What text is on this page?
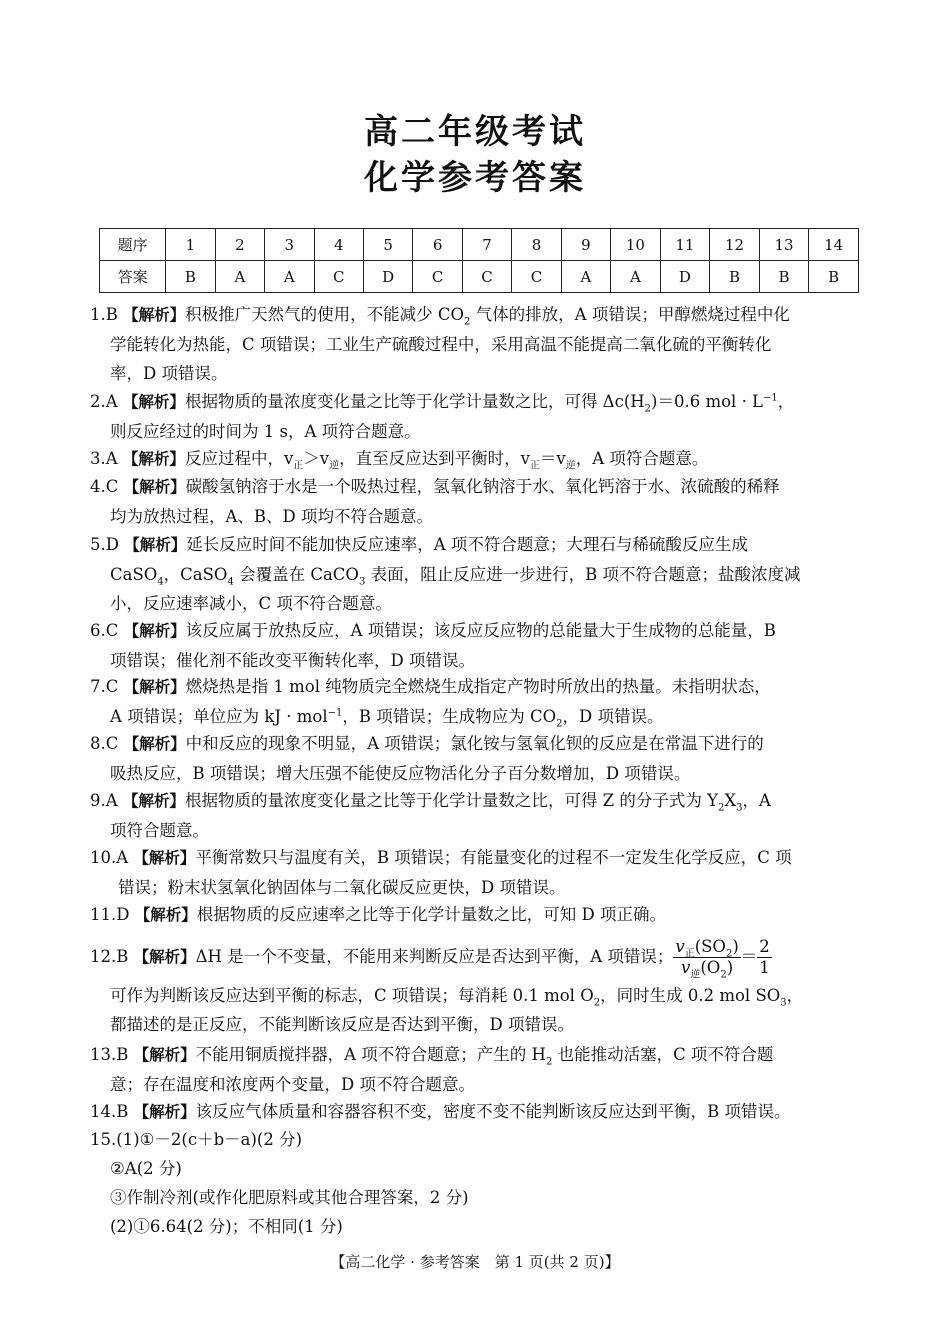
高二年级考试
化学参考答案
题序	1	2	3	4	5	6	7	8	9	10	11	12	13	14
答案	B	A	A	C	D	C	C	C	A	A	D	B	B	B
1.B 【解析】积极推广天然气的使用，不能减少 $CO_2$ 气体的排放，A 项错误；甲醇燃烧过程中化
学能转化为热能，C 项错误；工业生产硫酸过程中，采用高温不能提高二氧化硫的平衡转化
率，D 项错误。
2.A 【解析】根据物质的量浓度变化量之比等于化学计量数之比，可得 $\Delta c(H_2)=0.6$ mol · $L^{-1}$，
则反应经过的时间为 1 s，A 项符合题意。
3.A 【解析】反应过程中，$v_正>v_逆$，直至反应达到平衡时，$v_正=v_逆$，A 项符合题意。
4.C 【解析】碳酸氢钠溶于水是一个吸热过程，氢氧化钠溶于水、氧化钙溶于水、浓硫酸的稀释
均为放热过程，A、B、D 项均不符合题意。
5.D 【解析】延长反应时间不能加快反应速率，A 项不符合题意；大理石与稀硫酸反应生成
CaSO$_4$，CaSO$_4$ 会覆盖在 CaCO$_3$ 表面，阻止反应进一步进行，B 项不符合题意；盐酸浓度减
小，反应速率减小，C 项不符合题意。
6.C 【解析】该反应属于放热反应，A 项错误；该反应反应物的总能量大于生成物的总能量，B
项错误；催化剂不能改变平衡转化率，D 项错误。
7.C 【解析】燃烧热是指 1 mol 纯物质完全燃烧生成指定产物时所放出的热量。未指明状态，
A 项错误；单位应为 kJ · mol$^{-1}$，B 项错误；生成物应为 $CO_2$，D 项错误。
8.C 【解析】中和反应的现象不明显，A 项错误；氯化铵与氢氧化钡的反应是在常温下进行的
吸热反应，B 项错误；增大压强不能使反应物活化分子百分数增加，D 项错误。
9.A 【解析】根据物质的量浓度变化量之比等于化学计量数之比，可得 Z 的分子式为 $Y_2X_3$，A
项符合题意。
10.A 【解析】平衡常数只与温度有关，B 项错误；有能量变化的过程不一定发生化学反应，C 项
错误；粉末状氢氧化钠固体与二氧化碳反应更快，D 项错误。
11.D 【解析】根据物质的反应速率之比等于化学计量数之比，可知 D 项正确。
12.B 【解析】ΔH 是一个不变量，不能用来判断反应是否达到平衡，A 项错误； $\frac{v_正(SO_2)}{v_逆(O_2)} = \frac{2}{1}$
可作为判断该反应达到平衡的标志，C 项错误；每消耗 0.1 mol $O_2$，同时生成 0.2 mol $SO_3$，
都描述的是正反应，不能判断该反应是否达到平衡，D 项错误。
13.B 【解析】不能用铜质搅拌器，A 项不符合题意；产生的 $H_2$ 也能推动活塞，C 项不符合题
意；存在温度和浓度两个变量，D 项不符合题意。
14.B 【解析】该反应气体质量和容器容积不变，密度不变不能判断该反应达到平衡，B 项错误。
15.(1)①－2(c＋b－a)(2 分)
②A(2 分)
③作制冷剂(或作化肥原料或其他合理答案，2 分)
(2)①6.64(2 分)；不相同(1 分)
【高二化学 · 参考答案　第 1 页(共 2 页)】
